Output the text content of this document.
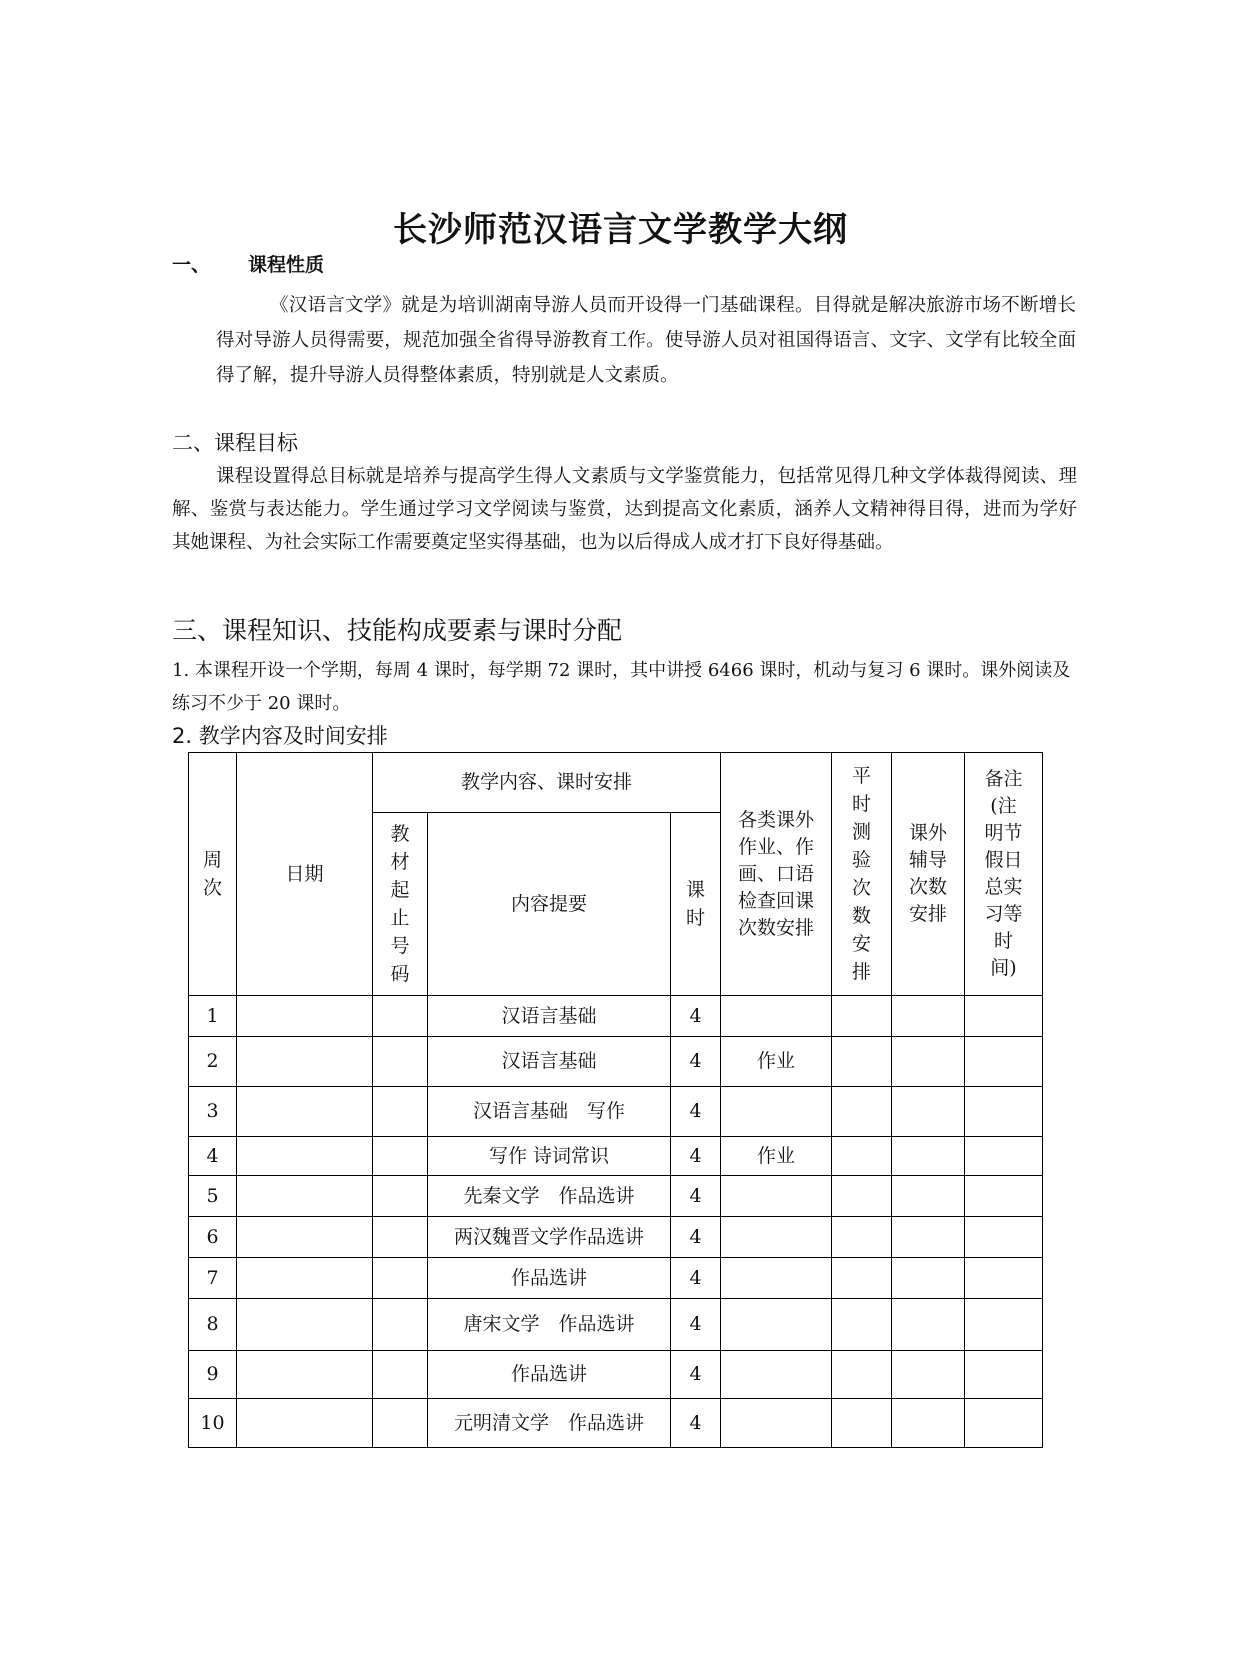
长沙师范汉语言文学教学大纲
一、 课程性质
《汉语言文学》就是为培训湖南导游人员而开设得一门基础课程。目得就是解决旅游市场不断增长得对导游人员得需要，规范加强全省得导游教育工作。使导游人员对祖国得语言、文字、文学有比较全面得了解，提升导游人员得整体素质，特别就是人文素质。
二、课程目标
课程设置得总目标就是培养与提高学生得人文素质与文学鉴赏能力，包括常见得几种文学体裁得阅读、理解、鉴赏与表达能力。学生通过学习文学阅读与鉴赏，达到提高文化素质，涵养人文精神得目得，进而为学好其她课程、为社会实际工作需要奠定坚实得基础，也为以后得成人成才打下良好得基础。
三、课程知识、技能构成要素与课时分配
1. 本课程开设一个学期，每周 4 课时，每学期 72 课时，其中讲授 6466 课时，机动与复习 6 课时。课外阅读及练习不少于 20 课时。
2. 教学内容及时间安排
周次	日期	教学内容、课时安排			各类课外作业、作画、口语检查回课次数安排	平时测验次数安排	课外辅导次数安排	备注(注明节假日总实习等时间)
		教材起止号码	内容提要	课时				
1			汉语言基础	4				
2			汉语言基础	4	作业			
3			汉语言基础　写作	4				
4			写作 诗词常识	4	作业			
5			先秦文学　作品选讲	4				
6			两汉魏晋文学作品选讲	4				
7			作品选讲	4				
8			唐宋文学　作品选讲	4				
9			作品选讲	4				
10			元明清文学　作品选讲	4				
